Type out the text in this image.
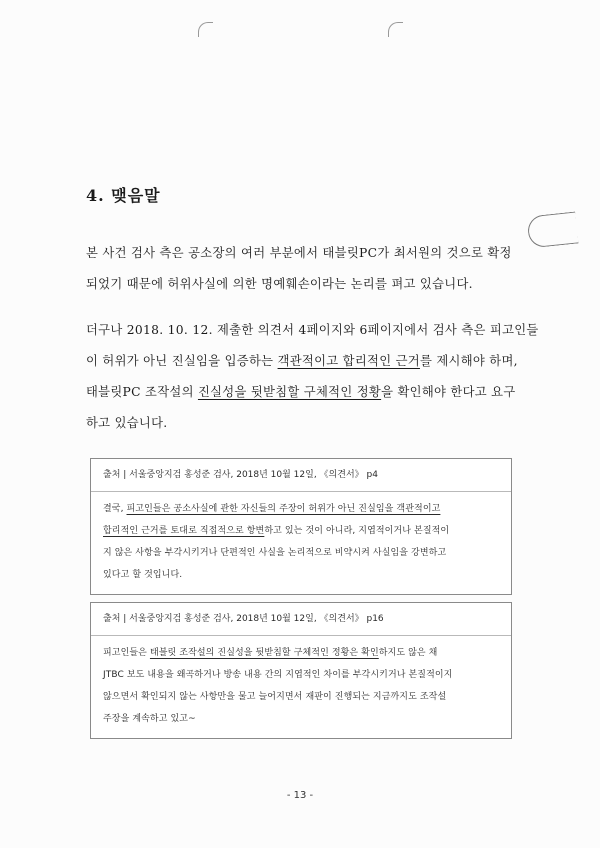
4. 맺음말
본 사건 검사 측은 공소장의 여러 부분에서 태블릿PC가 최서원의 것으로 확정
되었기 때문에 허위사실에 의한 명예훼손이라는 논리를 펴고 있습니다.
더구나 2018. 10. 12. 제출한 의견서 4페이지와 6페이지에서 검사 측은 피고인들
이 허위가 아닌 진실임을 입증하는 객관적이고 합리적인 근거를 제시해야 하며,
태블릿PC 조작설의 진실성을 뒷받침할 구체적인 정황을 확인해야 한다고 요구
하고 있습니다.
출처 | 서울중앙지검 홍성준 검사, 2018년 10월 12일, 《의견서》 p4
결국, 피고인들은 공소사실에 관한 자신들의 주장이 허위가 아닌 진실임을 객관적이고
합리적인 근거를 토대로 직접적으로 항변하고 있는 것이 아니라, 지엽적이거나 본질적이
지 않은 사항을 부각시키거나 단편적인 사실을 논리적으로 비약시켜 사실임을 강변하고
있다고 할 것입니다.
출처 | 서울중앙지검 홍성준 검사, 2018년 10월 12일, 《의견서》 p16
피고인들은 태블릿 조작설의 진실성을 뒷받침할 구체적인 정황은 확인하지도 않은 채
JTBC 보도 내용을 왜곡하거나 방송 내용 간의 지엽적인 차이를 부각시키거나 본질적이지
않으면서 확인되지 않는 사항만을 물고 늘어지면서 재판이 진행되는 지금까지도 조작설
주장을 계속하고 있고~
- 13 -
